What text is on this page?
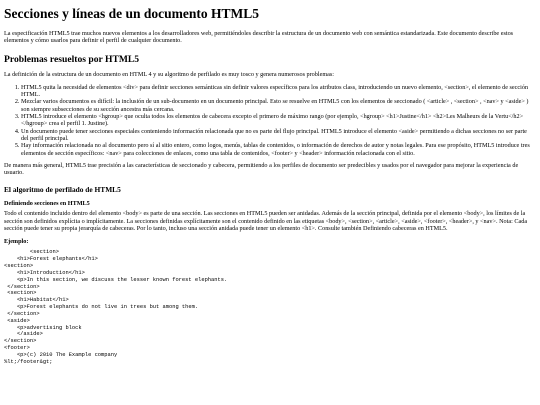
Secciones y líneas de un documento HTML5

La especificación HTML5 trae muchos nuevos elementos a los desarrolladores web, permitiéndoles describir la estructura de un documento web con semántica estandarizada. Este documento describe estos elementos y cómo usarlos para definir el perfil de cualquier documento.

Problemas resueltos por HTML5

La definición de la estructura de un documento en HTML 4 y su algoritmo de perfilado es muy tosco y genera numerosos problemas:

1. HTML5 quita la necesidad de elementos <div> para definir secciones semánticas sin definir valores específicos para los atributos class, introduciendo un nuevo elemento, <section>, el elemento de sección HTML.
2. Mezclar varios documentos es difícil: la inclusión de un sub-documento en un documento principal. Esto se resuelve en HTML5 con los elementos de seccionado ( <article> , <section> , <nav> y <aside> ) son siempre subsecciones de su sección ancestra más cercana.
3. HTML5 introduce el elemento <hgroup> que oculta todos los elementos de cabecera excepto el primero de máximo rango (por ejemplo, <hgroup> <h1>Justine</h1> <h2>Les Malheurs de la Vertu</h2> </hgroup> crea el perfil 1. Justine).
4. Un documento puede tener secciones especiales conteniendo información relacionada que no es parte del flujo principal. HTML5 introduce el elemento <aside> permitiendo a dichas secciones no ser parte del perfil principal.
5. Hay información relacionada no al documento pero sí al sitio entero, como logos, menús, tablas de contenidos, o información de derechos de autor y notas legales. Para ese propósito, HTML5 introduce tres elementos de sección específicos: <nav> para colecciones de enlaces, como una tabla de contenidos, <footer> y <header> información relacionada con el sitio.

De manera más general, HTML5 trae precisión a las características de seccionado y cabecera, permitiendo a los perfiles de documento ser predecibles y usados por el navegador para mejorar la experiencia de usuario.

El algoritmo de perfilado de HTML5
Definiendo secciones en HTML5

Todo el contenido incluido dentro del elemento <body> es parte de una sección. Las secciones en HTML5 pueden ser anidadas. Además de la sección principal, definida por el elemento <body>, los límites de la sección son definidos explícita o implícitamente. La secciones definidas explícitamente son el contenido definido en las etiquetas <body>, <section>, <article>, <aside>, <footer>, <header>, y <nav>. Nota: Cada sección puede tener su propia jerarquía de cabeceras. Por lo tanto, incluso una sección anidada puede tener un elemento <h1>. Consulte también Definiendo cabeceras en HTML5.

Ejemplo:
<section>
<h1>Forest elephants</h1>
<section>
<h1>Introduction</h1>
<p>In this section, we discuss the lesser known forest elephants.
</section>
<section>
<h1>Habitat</h1>
<p>Forest elephants do not live in trees but among them.
</section>
<aside>
<p>advertising block
</aside>
</section>
<footer>
<p>(c) 2010 The Example company
%lt;/footer&gt;
